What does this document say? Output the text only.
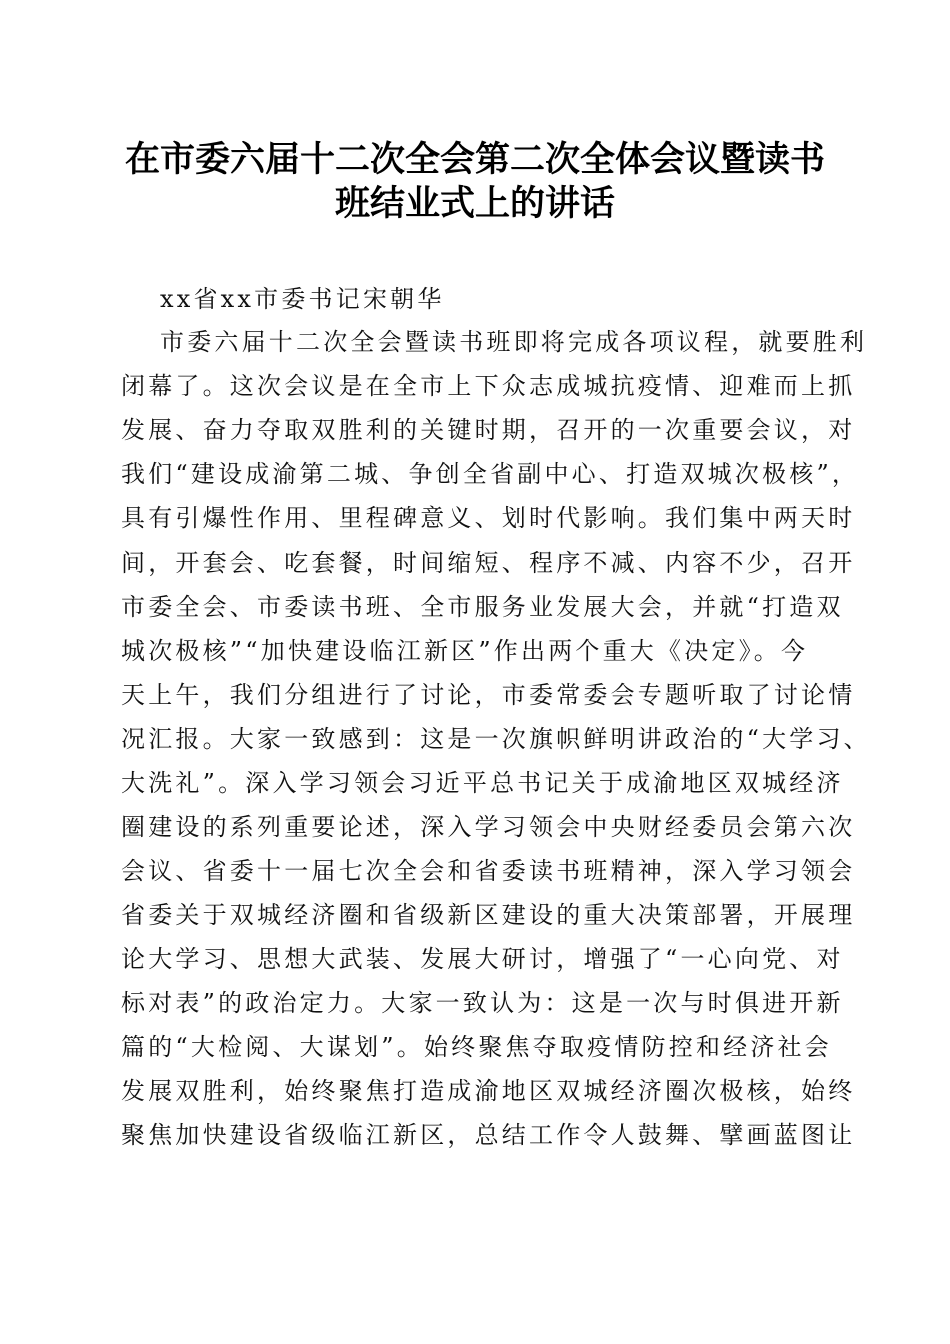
在市委六届十二次全会第二次全体会议暨读书
班结业式上的讲话
xx省xx市委书记宋朝华
市委六届十二次全会暨读书班即将完成各项议程，就要胜利
闭幕了。这次会议是在全市上下众志成城抗疫情、迎难而上抓
发展、奋力夺取双胜利的关键时期，召开的一次重要会议，对
我们“建设成渝第二城、争创全省副中心、打造双城次极核”，
具有引爆性作用、里程碑意义、划时代影响。我们集中两天时
间，开套会、吃套餐，时间缩短、程序不减、内容不少，召开
市委全会、市委读书班、全市服务业发展大会，并就“打造双
城次极核”“加快建设临江新区”作出两个重大《决定》。今
天上午，我们分组进行了讨论，市委常委会专题听取了讨论情
况汇报。大家一致感到：这是一次旗帜鲜明讲政治的“大学习、
大洗礼”。深入学习领会习近平总书记关于成渝地区双城经济
圈建设的系列重要论述，深入学习领会中央财经委员会第六次
会议、省委十一届七次全会和省委读书班精神，深入学习领会
省委关于双城经济圈和省级新区建设的重大决策部署，开展理
论大学习、思想大武装、发展大研讨，增强了“一心向党、对
标对表”的政治定力。大家一致认为：这是一次与时俱进开新
篇的“大检阅、大谋划”。始终聚焦夺取疫情防控和经济社会
发展双胜利，始终聚焦打造成渝地区双城经济圈次极核，始终
聚焦加快建设省级临江新区，总结工作令人鼓舞、擘画蓝图让
